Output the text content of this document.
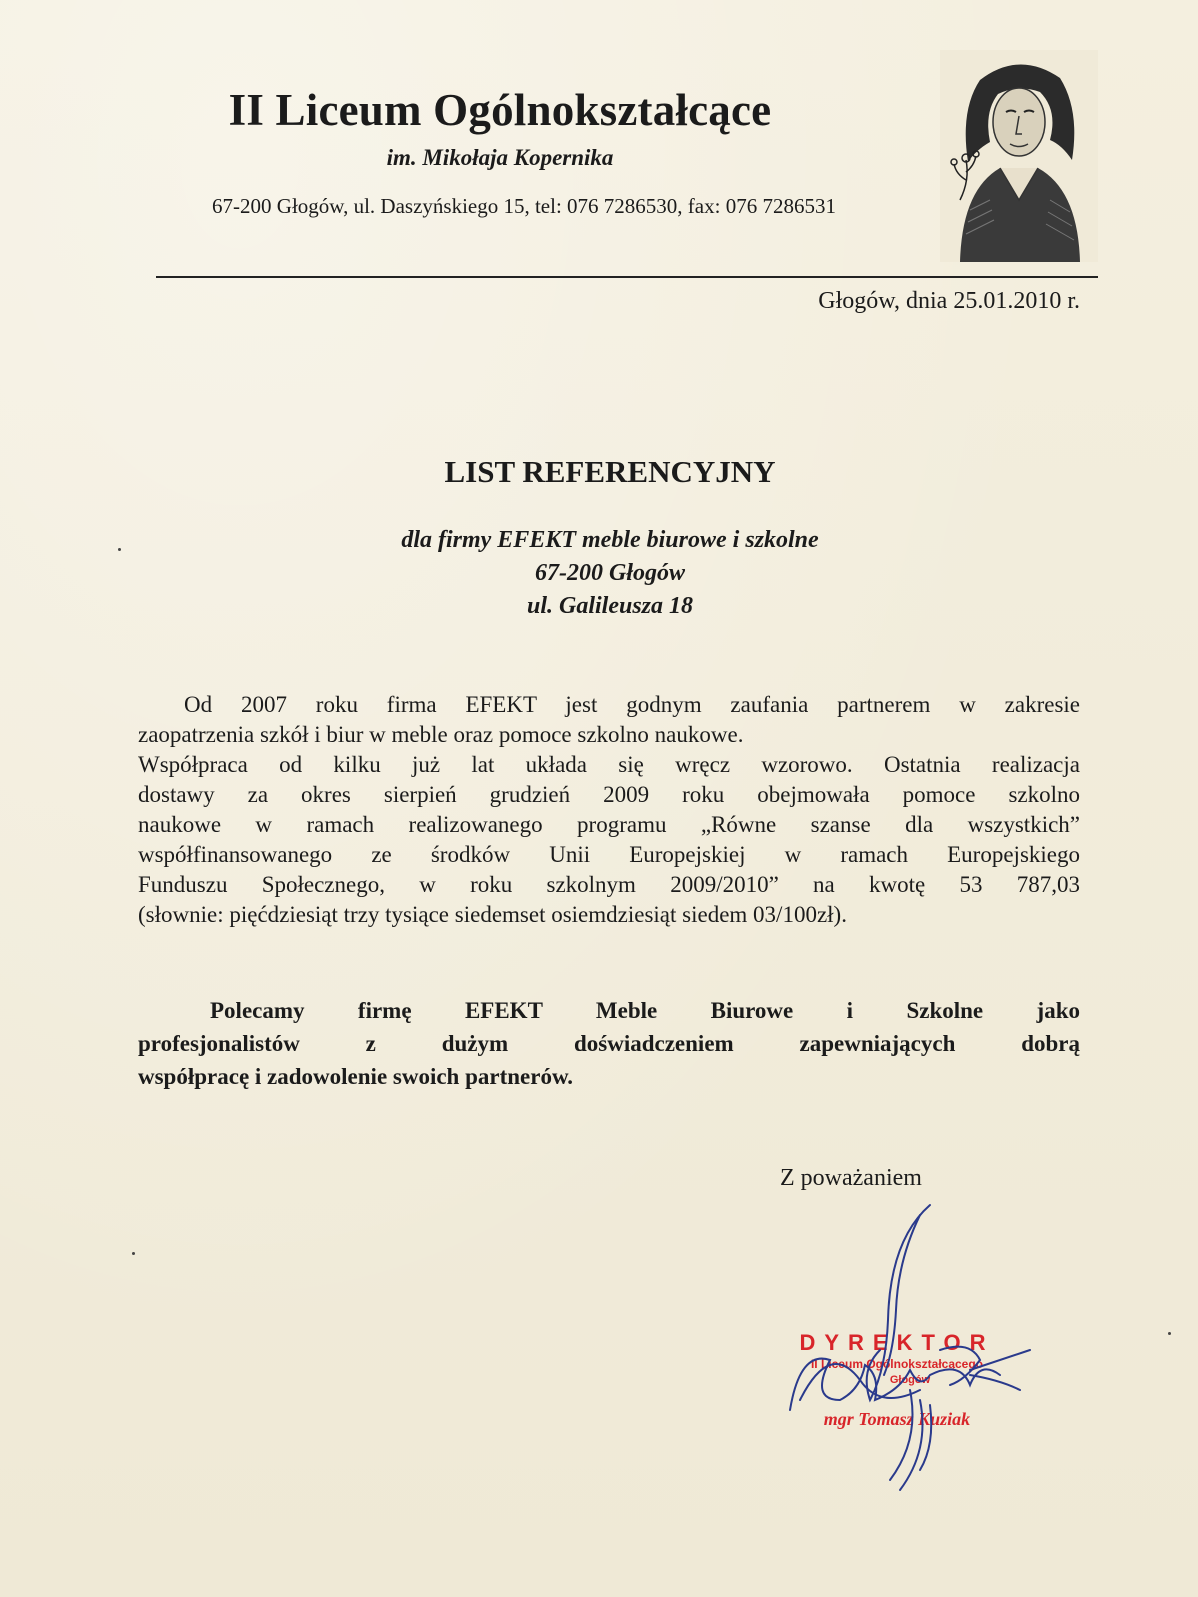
II Liceum Ogólnokształcące
im. Mikołaja Kopernika
67-200 Głogów, ul. Daszyńskiego 15, tel: 076 7286530, fax: 076 7286531
Głogów, dnia 25.01.2010 r.
LIST REFERENCYJNY
dla firmy EFEKT meble biurowe i szkolne
67-200 Głogów
ul. Galileusza 18
Od 2007 roku firma EFEKT jest godnym zaufania partnerem w zakresie
zaopatrzenia szkół i biur w meble oraz pomoce szkolno naukowe.
Współpraca od kilku już lat układa się wręcz wzorowo. Ostatnia realizacja
dostawy za okres sierpień grudzień 2009 roku obejmowała pomoce szkolno
naukowe w ramach realizowanego programu „Równe szanse dla wszystkich”
współfinansowanego ze środków Unii Europejskiej w ramach Europejskiego
Funduszu Społecznego, w roku szkolnym 2009/2010” na kwotę 53 787,03
(słownie: pięćdziesiąt trzy tysiące siedemset osiemdziesiąt siedem 03/100zł).
Polecamy firmę EFEKT Meble Biurowe i Szkolne jako
profesjonalistów z dużym doświadczeniem zapewniających dobrą
współpracę i zadowolenie swoich partnerów.
Z poważaniem
DYREKTOR
II Liceum Ogólnokształcącego
Głogów
mgr Tomasz Kuziak
